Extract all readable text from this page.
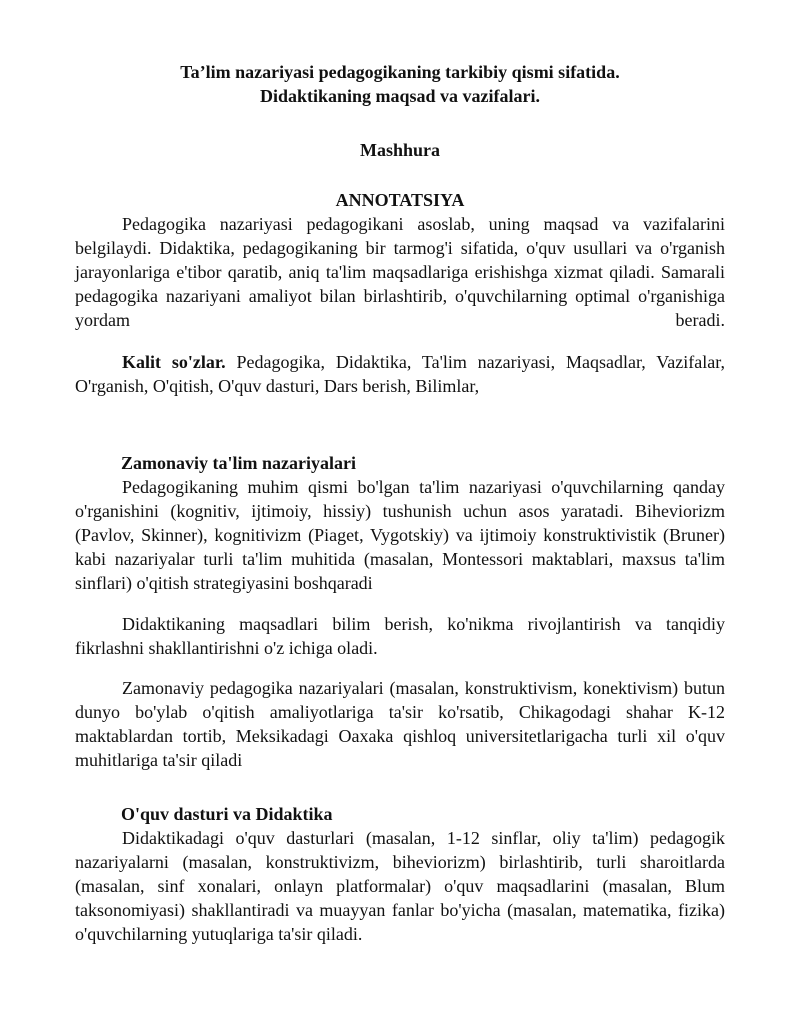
Ta’lim nazariyasi pedagogikaning tarkibiy qismi sifatida.

Didaktikaning maqsad va vazifalari.

Mashhura

ANNOTATSIYA

Pedagogika nazariyasi pedagogikani asoslab, uning maqsad va vazifalarini belgilaydi. Didaktika, pedagogikaning bir tarmog'i sifatida, o'quv usullari va o'rganish jarayonlariga e'tibor qaratib, aniq ta'lim maqsadlariga erishishga xizmat qiladi. Samarali pedagogika nazariyani amaliyot bilan birlashtirib, o'quvchilarning optimal o'rganishiga yordam beradi.

Kalit so'zlar. Pedagogika, Didaktika, Ta'lim nazariyasi, Maqsadlar, Vazifalar, O'rganish, O'qitish, O'quv dasturi, Dars berish, Bilimlar,

Zamonaviy ta'lim nazariyalari

Pedagogikaning muhim qismi bo'lgan ta'lim nazariyasi o'quvchilarning qanday o'rganishini (kognitiv, ijtimoiy, hissiy) tushunish uchun asos yaratadi. Biheviorizm (Pavlov, Skinner), kognitivizm (Piaget, Vygotskiy) va ijtimoiy konstruktivistik (Bruner) kabi nazariyalar turli ta'lim muhitida (masalan, Montessori maktablari, maxsus ta'lim sinflari) o'qitish strategiyasini boshqaradi

Didaktikaning maqsadlari bilim berish, ko'nikma rivojlantirish va tanqidiy fikrlashni shakllantirishni o'z ichiga oladi.

Zamonaviy pedagogika nazariyalari (masalan, konstruktivism, konektivism) butun dunyo bo'ylab o'qitish amaliyotlariga ta'sir ko'rsatib, Chikagodagi shahar K-12 maktablardan tortib, Meksikadagi Oaxaka qishloq universitetlarigacha turli xil o'quv muhitlariga ta'sir qiladi

O'quv dasturi va Didaktika

Didaktikadagi o'quv dasturlari (masalan, 1-12 sinflar, oliy ta'lim) pedagogik nazariyalarni (masalan, konstruktivizm, biheviorizm) birlashtirib, turli sharoitlarda (masalan, sinf xonalari, onlayn platformalar) o'quv maqsadlarini (masalan, Blum taksonomiyasi) shakllantiradi va muayyan fanlar bo'yicha (masalan, matematika, fizika) o'quvchilarning yutuqlariga ta'sir qiladi.
